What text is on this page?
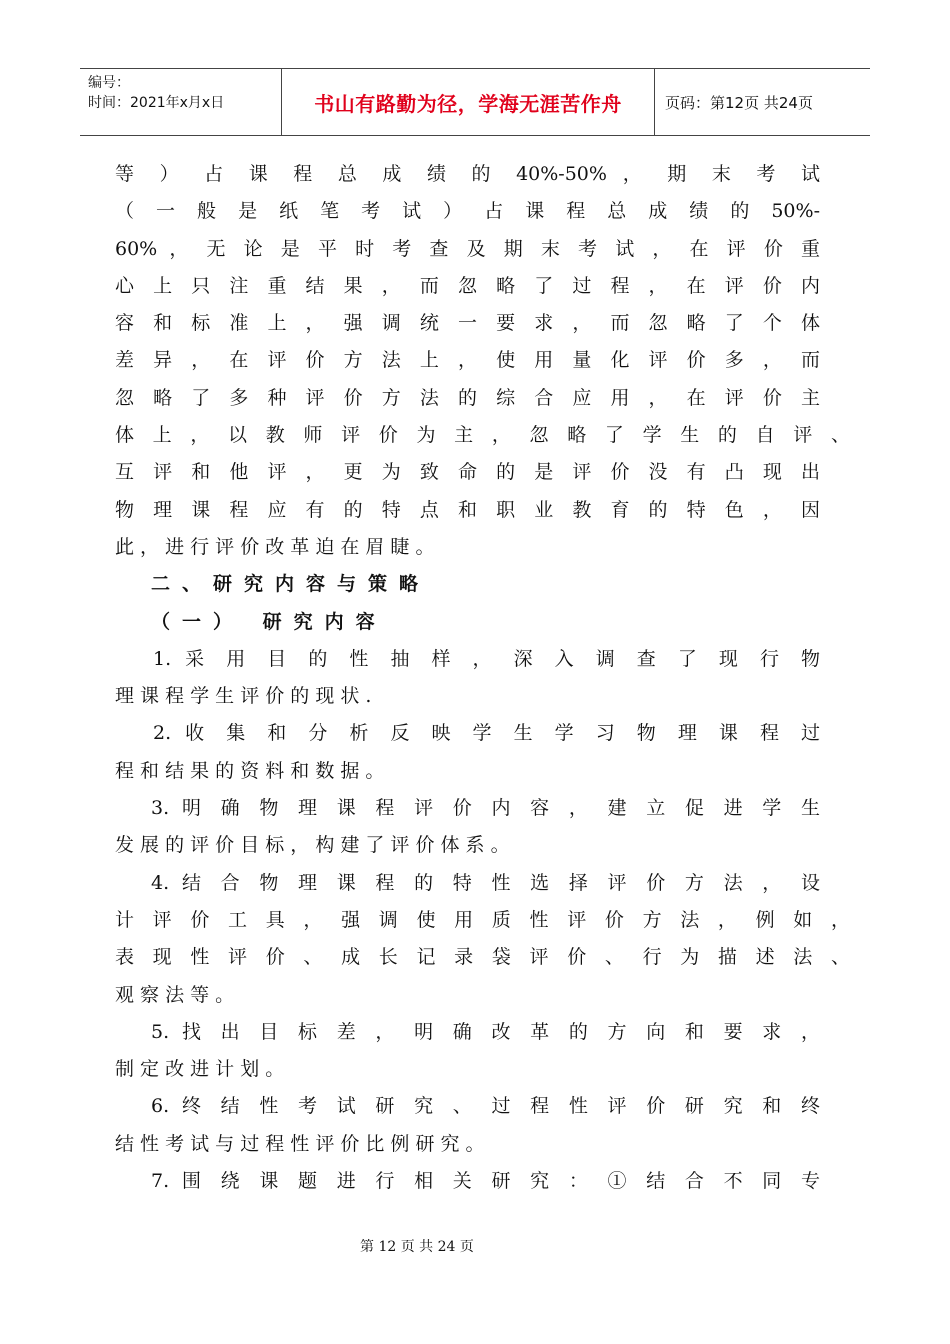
编号：
时间：2021年x月x日	书山有路勤为径，学海无涯苦作舟	页码：第12页 共24页
等 ） 占 课 程 总 成 绩 的 40%-50% ， 期 末 考 试
（ 一 般 是 纸 笔 考 试 ） 占 课 程 总 成 绩 的 50%-
60% ， 无 论 是 平 时 考 查 及 期 末 考 试 ， 在 评 价 重
心 上 只 注 重 结 果 ， 而 忽 略 了 过 程 ， 在 评 价 内
容 和 标 准 上 ， 强 调 统 一 要 求 ， 而 忽 略 了 个 体
差 异 ， 在 评 价 方 法 上 ， 使 用 量 化 评 价 多 ， 而
忽 略 了 多 种 评 价 方 法 的 综 合 应 用 ， 在 评 价 主
体 上 ， 以 教 师 评 价 为 主 ， 忽 略 了 学 生 的 自 评 、
互 评 和 他 评 ， 更 为 致 命 的 是 评 价 没 有 凸 现 出
物 理 课 程 应 有 的 特 点 和 职 业 教 育 的 特 色 ， 因
此 ， 进 行 评 价 改 革 迫 在 眉 睫 。
二、研究内容与策略
（一） 研究内容
1. 采 用 目 的 性 抽 样 ， 深 入 调 查 了 现 行 物
理 课 程 学 生 评 价 的 现 状 .
2. 收 集 和 分 析 反 映 学 生 学 习 物 理 课 程 过
程 和 结 果 的 资 料 和 数 据 。
3. 明 确 物 理 课 程 评 价 内 容 ， 建 立 促 进 学 生
发 展 的 评 价 目 标 ， 构 建 了 评 价 体 系 。
4. 结 合 物 理 课 程 的 特 性 选 择 评 价 方 法 ， 设
计 评 价 工 具 ， 强 调 使 用 质 性 评 价 方 法 ， 例 如 ，
表 现 性 评 价 、 成 长 记 录 袋 评 价 、 行 为 描 述 法 、
观 察 法 等 。
5. 找 出 目 标 差 ， 明 确 改 革 的 方 向 和 要 求 ，
制 定 改 进 计 划 。
6. 终 结 性 考 试 研 究 、 过 程 性 评 价 研 究 和 终
结 性 考 试 与 过 程 性 评 价 比 例 研 究 。
7. 围 绕 课 题 进 行 相 关 研 究 ： ① 结 合 不 同 专
第 12 页 共 24 页
